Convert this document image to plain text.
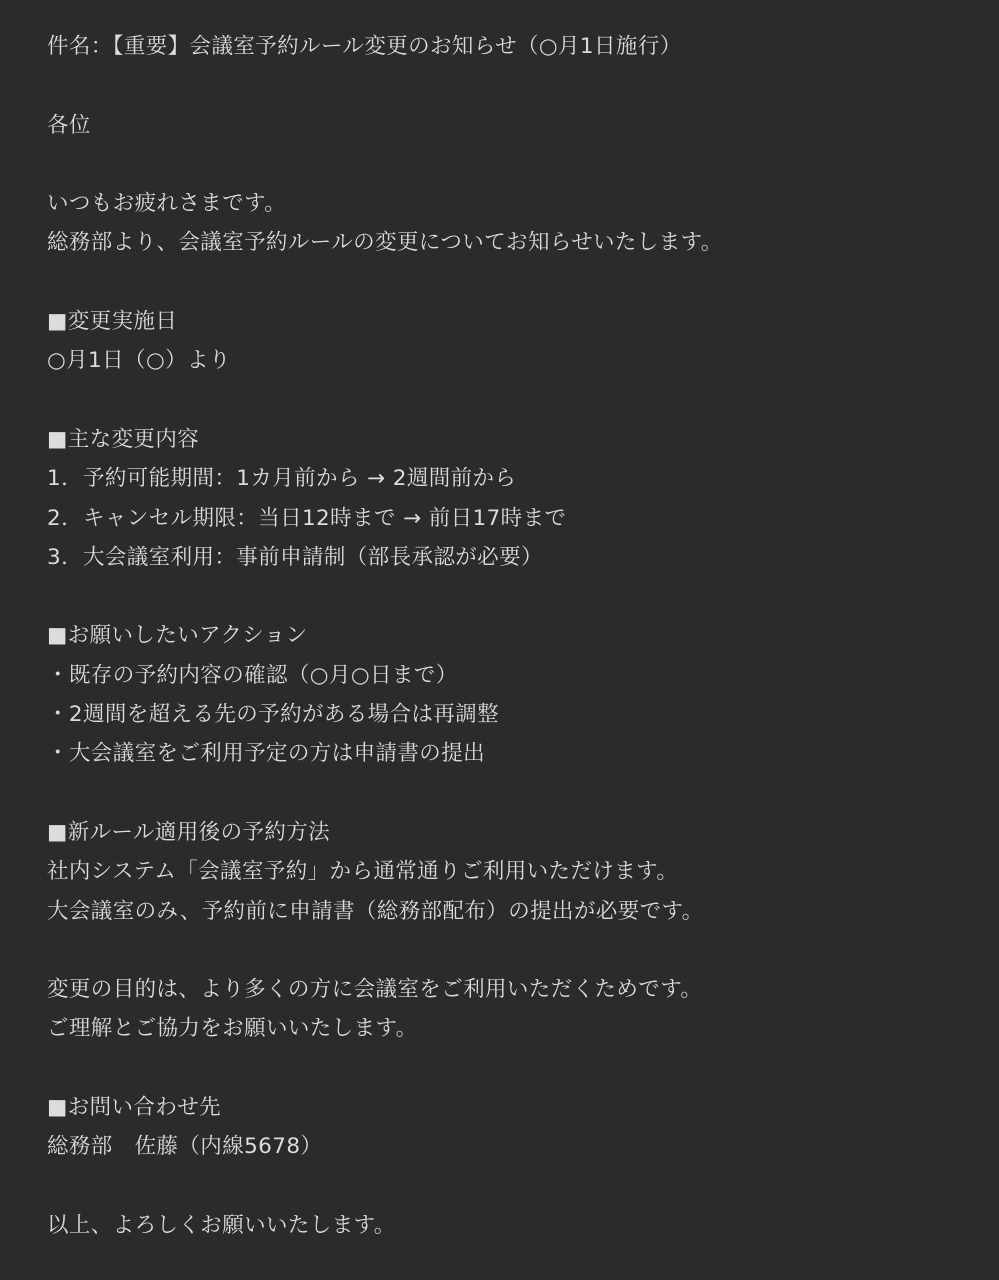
件名：【重要】会議室予約ルール変更のお知らせ（○月1日施行）
各位
いつもお疲れさまです。
総務部より、会議室予約ルールの変更についてお知らせいたします。
■変更実施日
○月1日（○）より
■主な変更内容
1．予約可能期間：1カ月前から → 2週間前から
2．キャンセル期限：当日12時まで → 前日17時まで
3．大会議室利用：事前申請制（部長承認が必要）
■お願いしたいアクション
・既存の予約内容の確認（○月○日まで）
・2週間を超える先の予約がある場合は再調整
・大会議室をご利用予定の方は申請書の提出
■新ルール適用後の予約方法
社内システム「会議室予約」から通常通りご利用いただけます。
大会議室のみ、予約前に申請書（総務部配布）の提出が必要です。
変更の目的は、より多くの方に会議室をご利用いただくためです。
ご理解とご協力をお願いいたします。
■お問い合わせ先
総務部　佐藤（内線5678）
以上、よろしくお願いいたします。
